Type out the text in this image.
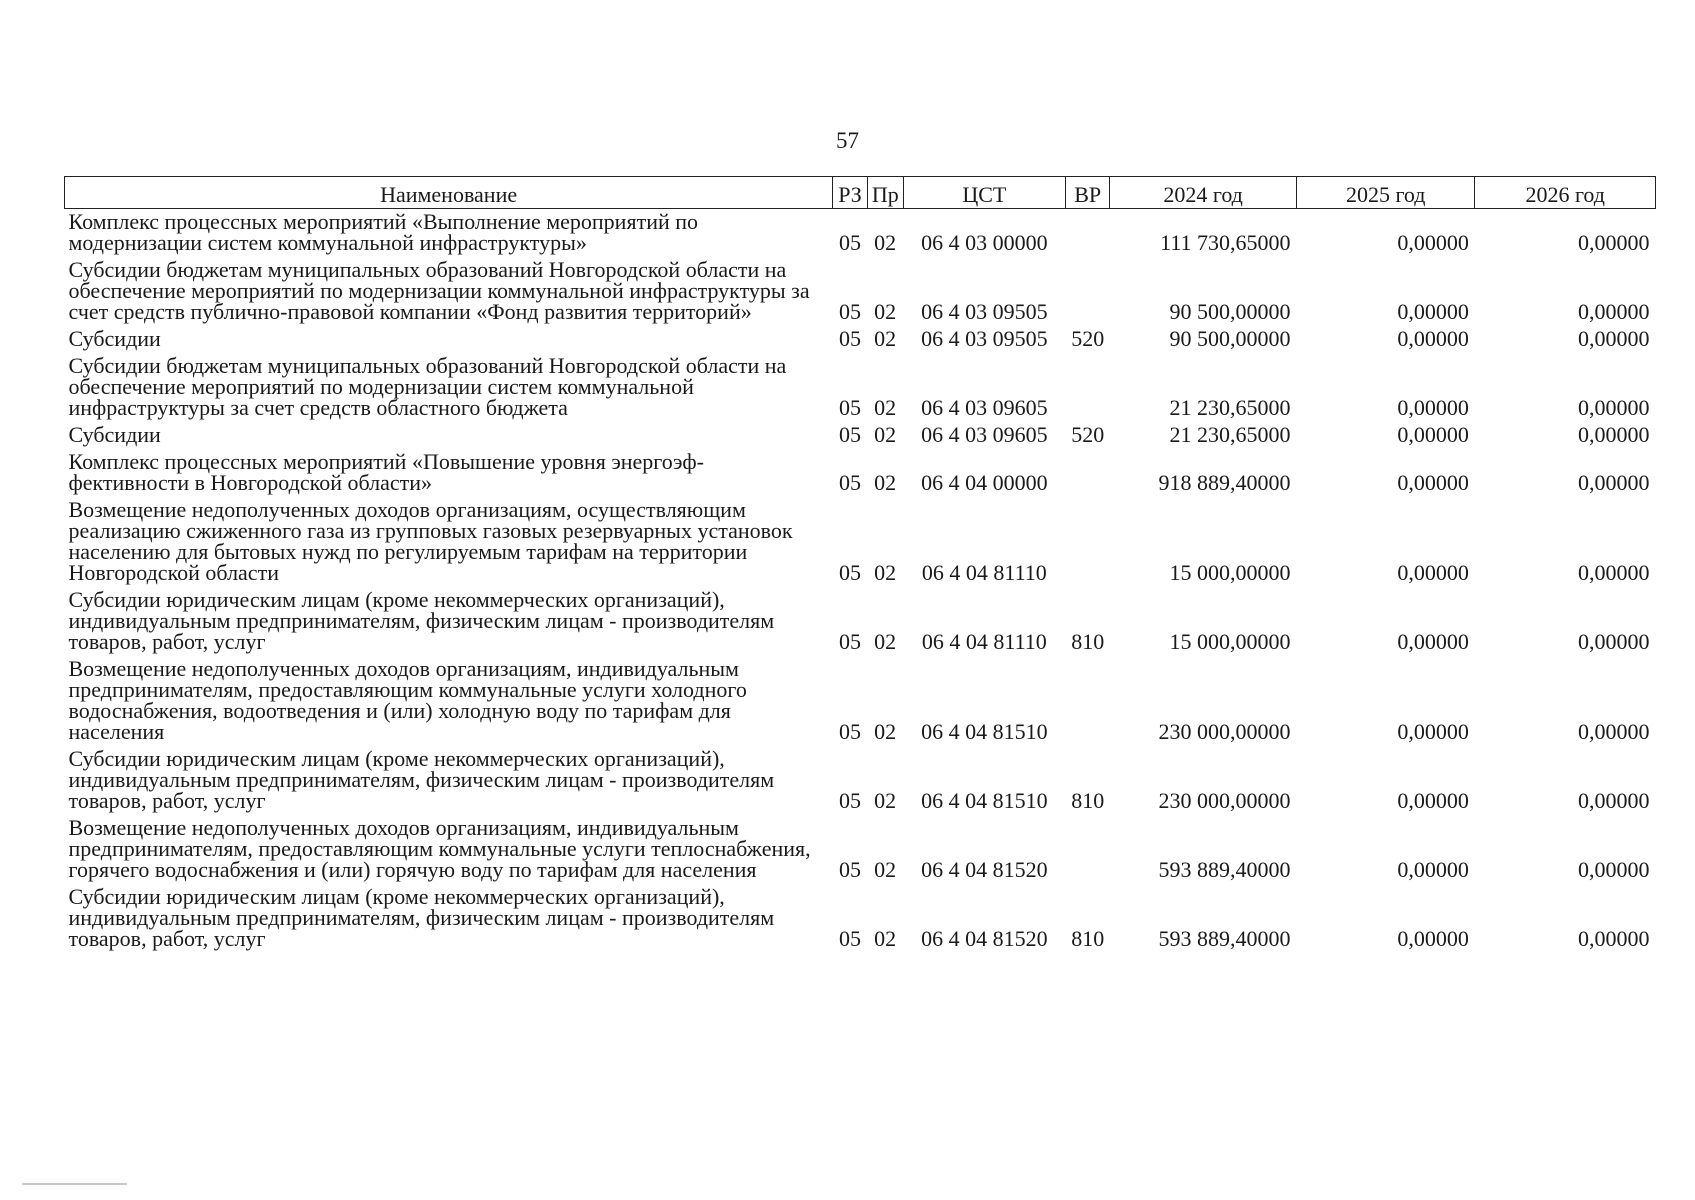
57
Наименование	РЗ	Пр	ЦСТ	ВР	2024 год	2025 год	2026 год
Комплекс процессных мероприятий «Выполнение мероприятий по модернизации систем коммунальной инфраструктуры»	05	02	06 4 03 00000		111 730,65000	0,00000	0,00000
Субсидии бюджетам муниципальных образований Новгородской области на обеспечение мероприятий по модернизации коммунальной инфраструктуры за счет средств публично-правовой компании «Фонд развития территорий»	05	02	06 4 03 09505		90 500,00000	0,00000	0,00000
Субсидии	05	02	06 4 03 09505	520	90 500,00000	0,00000	0,00000
Субсидии бюджетам муниципальных образований Новгородской области на обеспечение мероприятий по модернизации систем коммунальной инфраструктуры за счет средств областного бюджета	05	02	06 4 03 09605		21 230,65000	0,00000	0,00000
Субсидии	05	02	06 4 03 09605	520	21 230,65000	0,00000	0,00000
Комплекс процессных мероприятий «Повышение уровня энергоэффективности в Новгородской области»	05	02	06 4 04 00000		918 889,40000	0,00000	0,00000
Возмещение недополученных доходов организациям, осуществляющим реализацию сжиженного газа из групповых газовых резервуарных установок населению для бытовых нужд по регулируемым тарифам на территории Новгородской области	05	02	06 4 04 81110		15 000,00000	0,00000	0,00000
Субсидии юридическим лицам (кроме некоммерческих организаций), индивидуальным предпринимателям, физическим лицам - производителям товаров, работ, услуг	05	02	06 4 04 81110	810	15 000,00000	0,00000	0,00000
Возмещение недополученных доходов организациям, индивидуальным предпринимателям, предоставляющим коммунальные услуги холодного водоснабжения, водоотведения и (или) холодную воду по тарифам для населения	05	02	06 4 04 81510		230 000,00000	0,00000	0,00000
Субсидии юридическим лицам (кроме некоммерческих организаций), индивидуальным предпринимателям, физическим лицам - производителям товаров, работ, услуг	05	02	06 4 04 81510	810	230 000,00000	0,00000	0,00000
Возмещение недополученных доходов организациям, индивидуальным предпринимателям, предоставляющим коммунальные услуги теплоснабжения, горячего водоснабжения и (или) горячую воду по тарифам для населения	05	02	06 4 04 81520		593 889,40000	0,00000	0,00000
Субсидии юридическим лицам (кроме некоммерческих организаций), индивидуальным предпринимателям, физическим лицам - производителям товаров, работ, услуг	05	02	06 4 04 81520	810	593 889,40000	0,00000	0,00000
